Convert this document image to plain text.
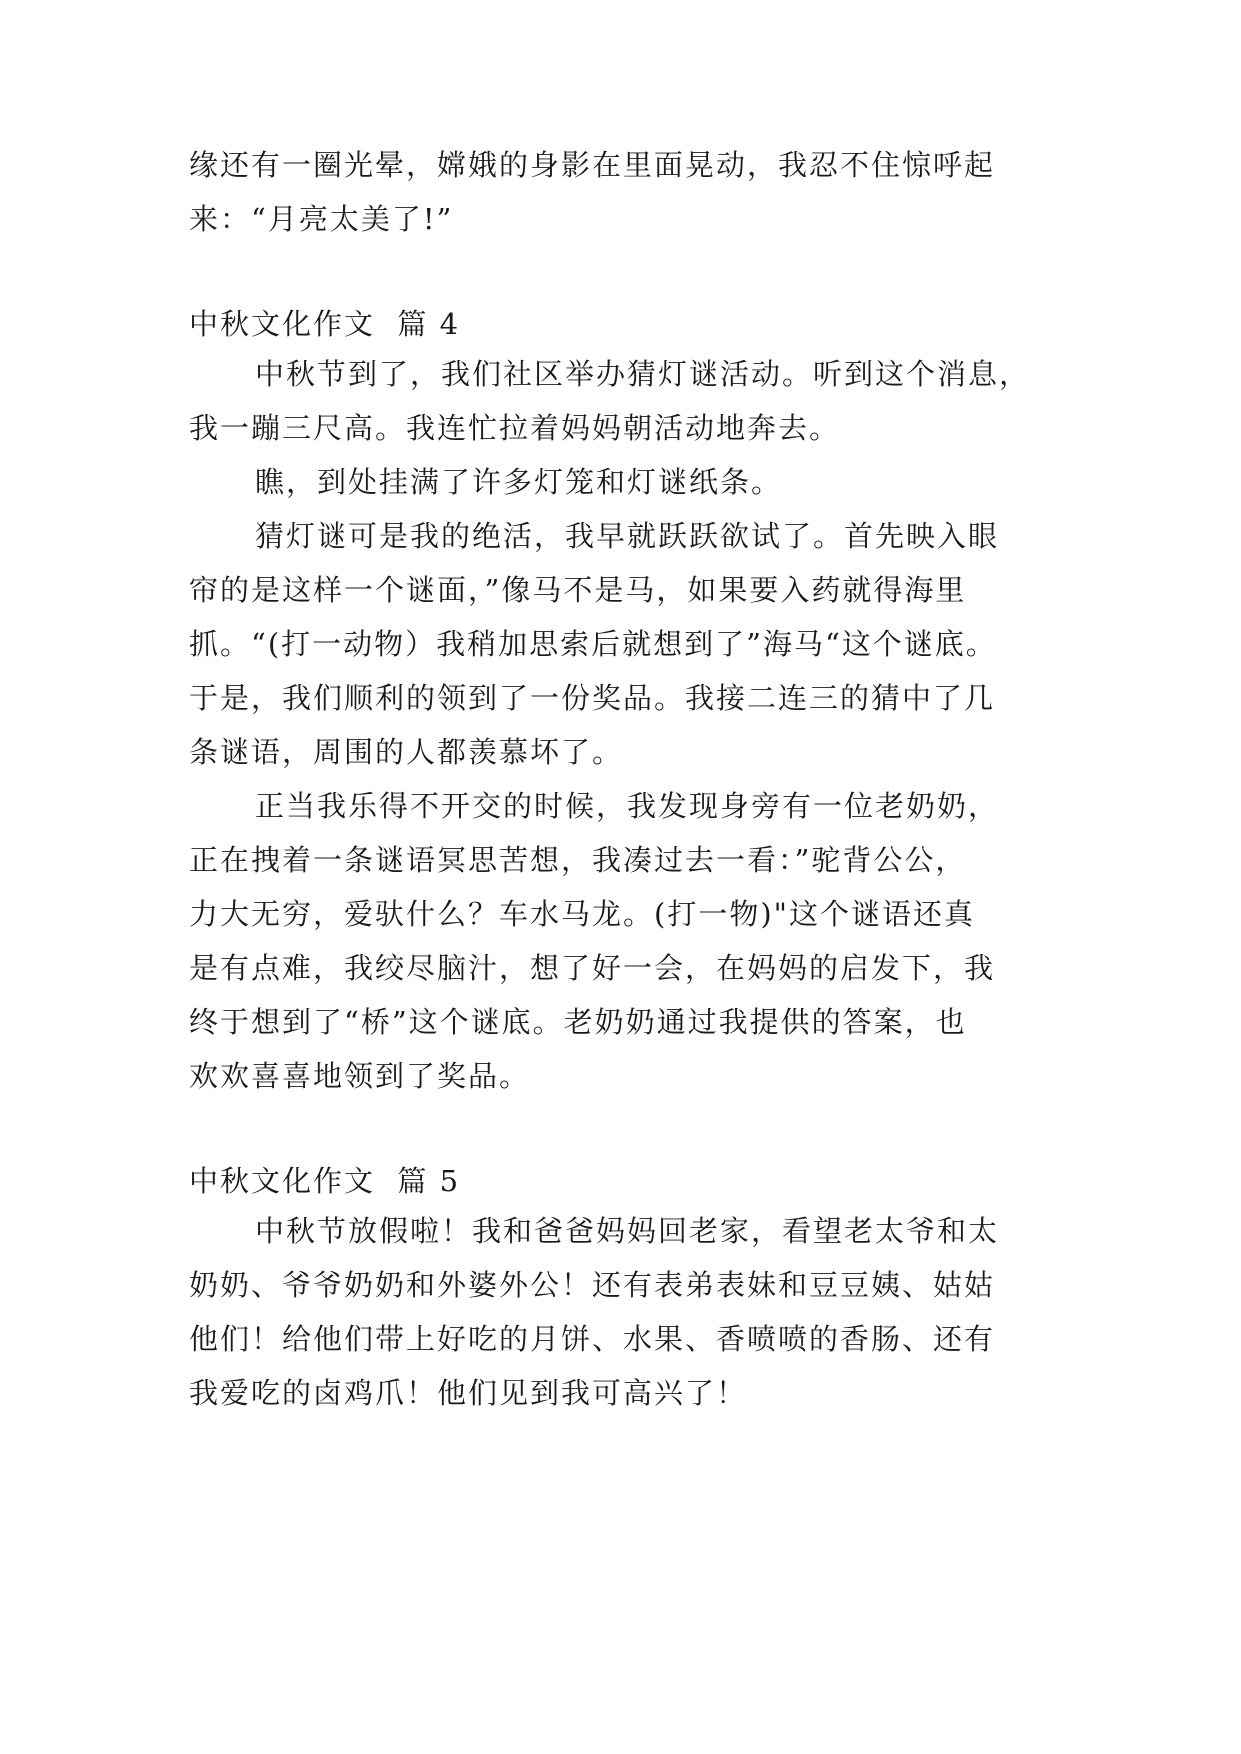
缘还有一圈光晕，嫦娥的身影在里面晃动，我忍不住惊呼起
来：“月亮太美了!”
中秋文化作文  篇 4
中秋节到了，我们社区举办猜灯谜活动。听到这个消息，
我一蹦三尺高。我连忙拉着妈妈朝活动地奔去。
瞧，到处挂满了许多灯笼和灯谜纸条。
猜灯谜可是我的绝活，我早就跃跃欲试了。首先映入眼
帘的是这样一个谜面，”像马不是马，如果要入药就得海里
抓。“(打一动物）我稍加思索后就想到了”海马“这个谜底。
于是，我们顺利的领到了一份奖品。我接二连三的猜中了几
条谜语，周围的人都羡慕坏了。
正当我乐得不开交的时候，我发现身旁有一位老奶奶，
正在拽着一条谜语冥思苦想，我凑过去一看：”驼背公公，
力大无穷，爱驮什么？车水马龙。(打一物)"这个谜语还真
是有点难，我绞尽脑汁，想了好一会，在妈妈的启发下，我
终于想到了“桥”这个谜底。老奶奶通过我提供的答案，也
欢欢喜喜地领到了奖品。
中秋文化作文  篇 5
中秋节放假啦！我和爸爸妈妈回老家，看望老太爷和太
奶奶、爷爷奶奶和外婆外公！还有表弟表妹和豆豆姨、姑姑
他们！给他们带上好吃的月饼、水果、香喷喷的香肠、还有
我爱吃的卤鸡爪！他们见到我可高兴了！
